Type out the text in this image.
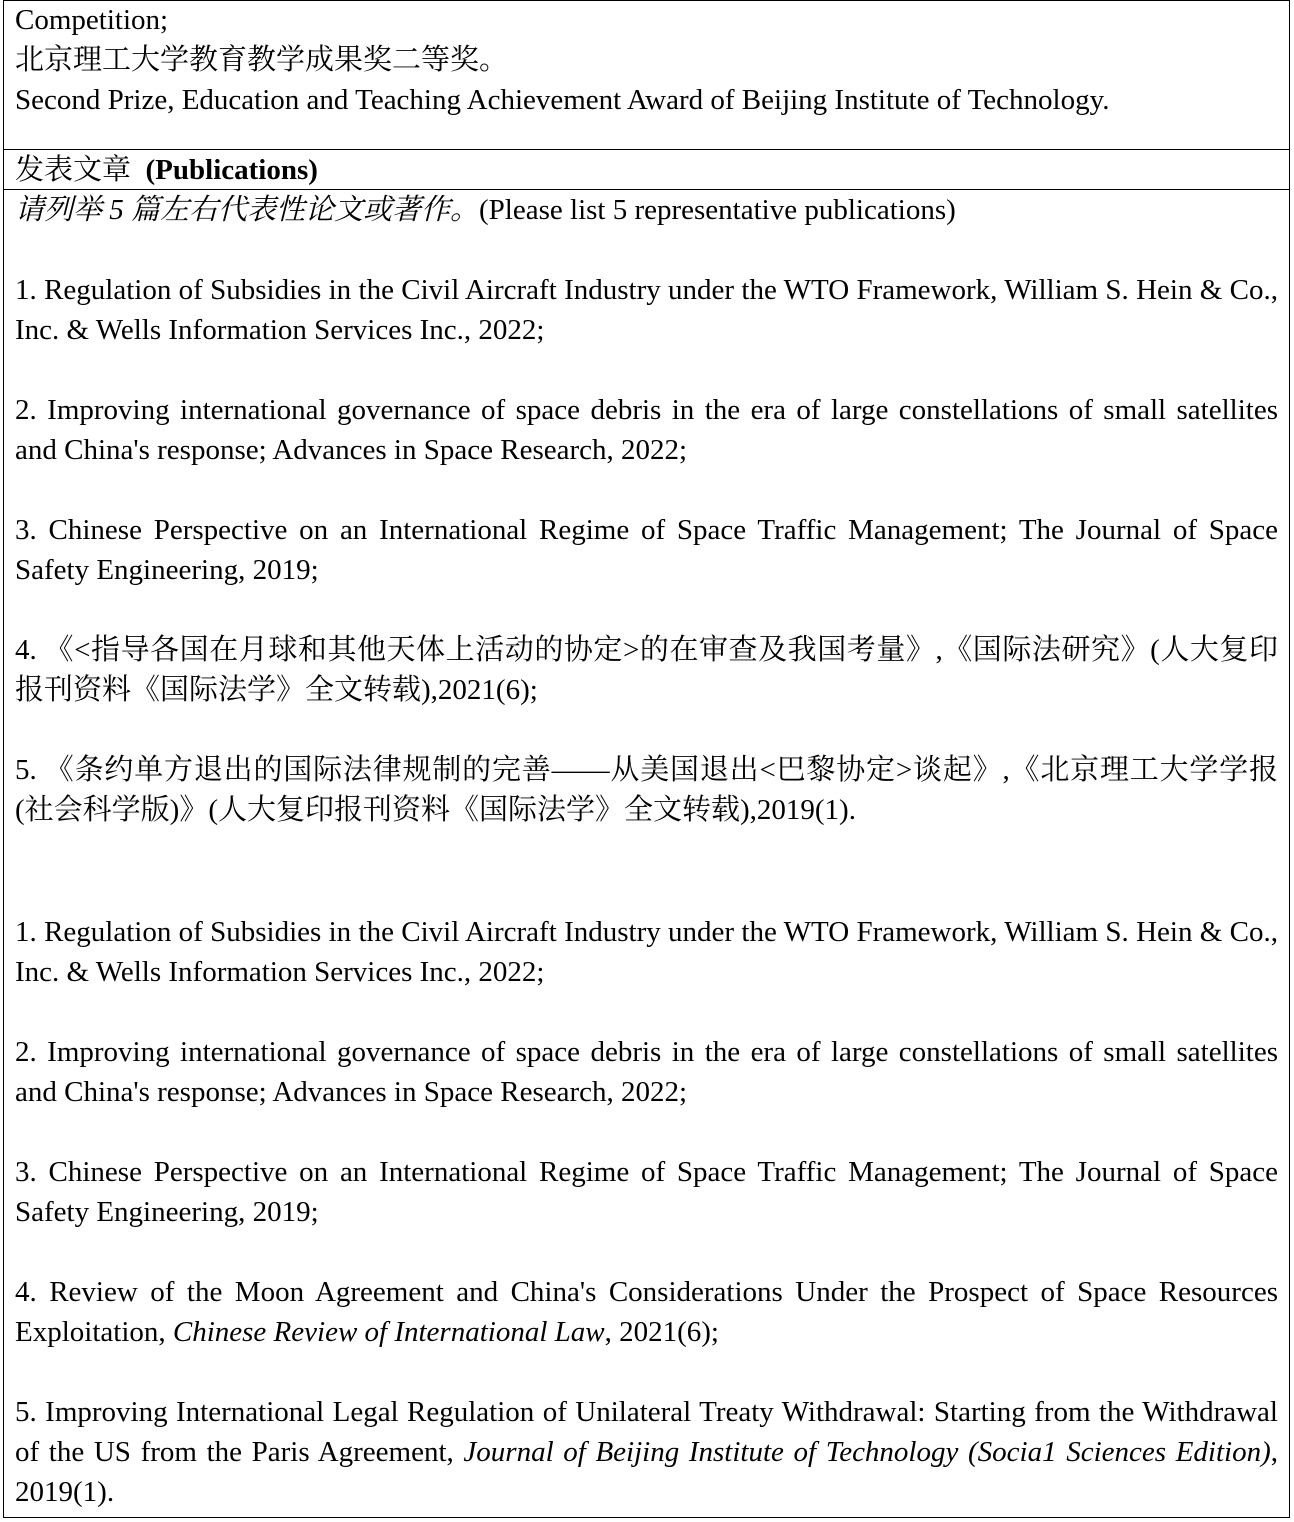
Competition;

北京理工大学教育教学成果奖二等奖。

Second Prize, Education and Teaching Achievement Award of Beijing Institute of Technology.

发表文章 (Publications)

请列举 5 篇左右代表性论文或著作。(Please list 5 representative publications)

1. Regulation of Subsidies in the Civil Aircraft Industry under the WTO Framework, William S. Hein & Co., Inc. & Wells Information Services Inc., 2022;

2. Improving international governance of space debris in the era of large constellations of small satellites and China's response; Advances in Space Research, 2022;

3. Chinese Perspective on an International Regime of Space Traffic Management; The Journal of Space Safety Engineering, 2019;

4. 《<指导各国在月球和其他天体上活动的协定>的在审查及我国考量》,《国际法研究》(人大复印报刊资料《国际法学》全文转载),2021(6);

5. 《条约单方退出的国际法律规制的完善——从美国退出<巴黎协定>谈起》,《北京理工大学学报(社会科学版)》(人大复印报刊资料《国际法学》全文转载),2019(1).

1. Regulation of Subsidies in the Civil Aircraft Industry under the WTO Framework, William S. Hein & Co., Inc. & Wells Information Services Inc., 2022;

2. Improving international governance of space debris in the era of large constellations of small satellites and China's response; Advances in Space Research, 2022;

3. Chinese Perspective on an International Regime of Space Traffic Management; The Journal of Space Safety Engineering, 2019;

4. Review of the Moon Agreement and China's Considerations Under the Prospect of Space Resources Exploitation, Chinese Review of International Law, 2021(6);

5. Improving International Legal Regulation of Unilateral Treaty Withdrawal: Starting from the Withdrawal of the US from the Paris Agreement, Journal of Beijing Institute of Technology (Socia1 Sciences Edition), 2019(1).
